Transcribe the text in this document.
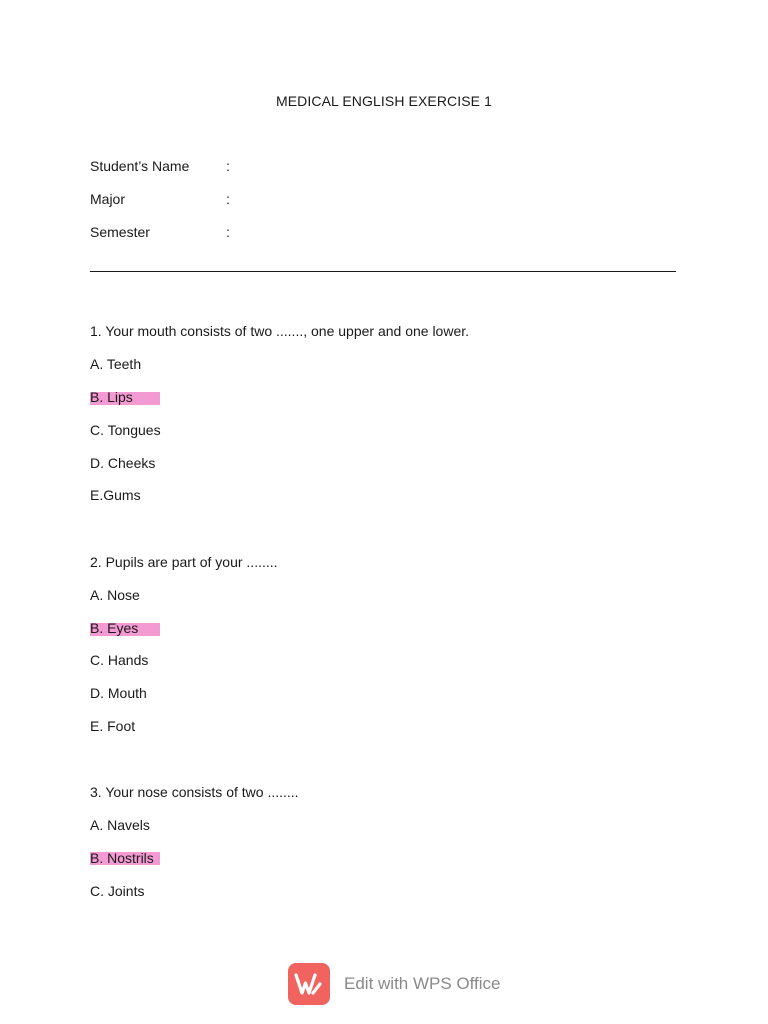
MEDICAL ENGLISH EXERCISE 1
Student’s Name	:
Major	:
Semester	:
1. Your mouth consists of two ......., one upper and one lower.
A. Teeth
B. Lips
C. Tongues
D. Cheeks
E.Gums
2. Pupils are part of your ........
A. Nose
B. Eyes
C. Hands
D. Mouth
E. Foot
3. Your nose consists of two ........
A. Navels
B. Nostrils
C. Joints
Edit with WPS Office
